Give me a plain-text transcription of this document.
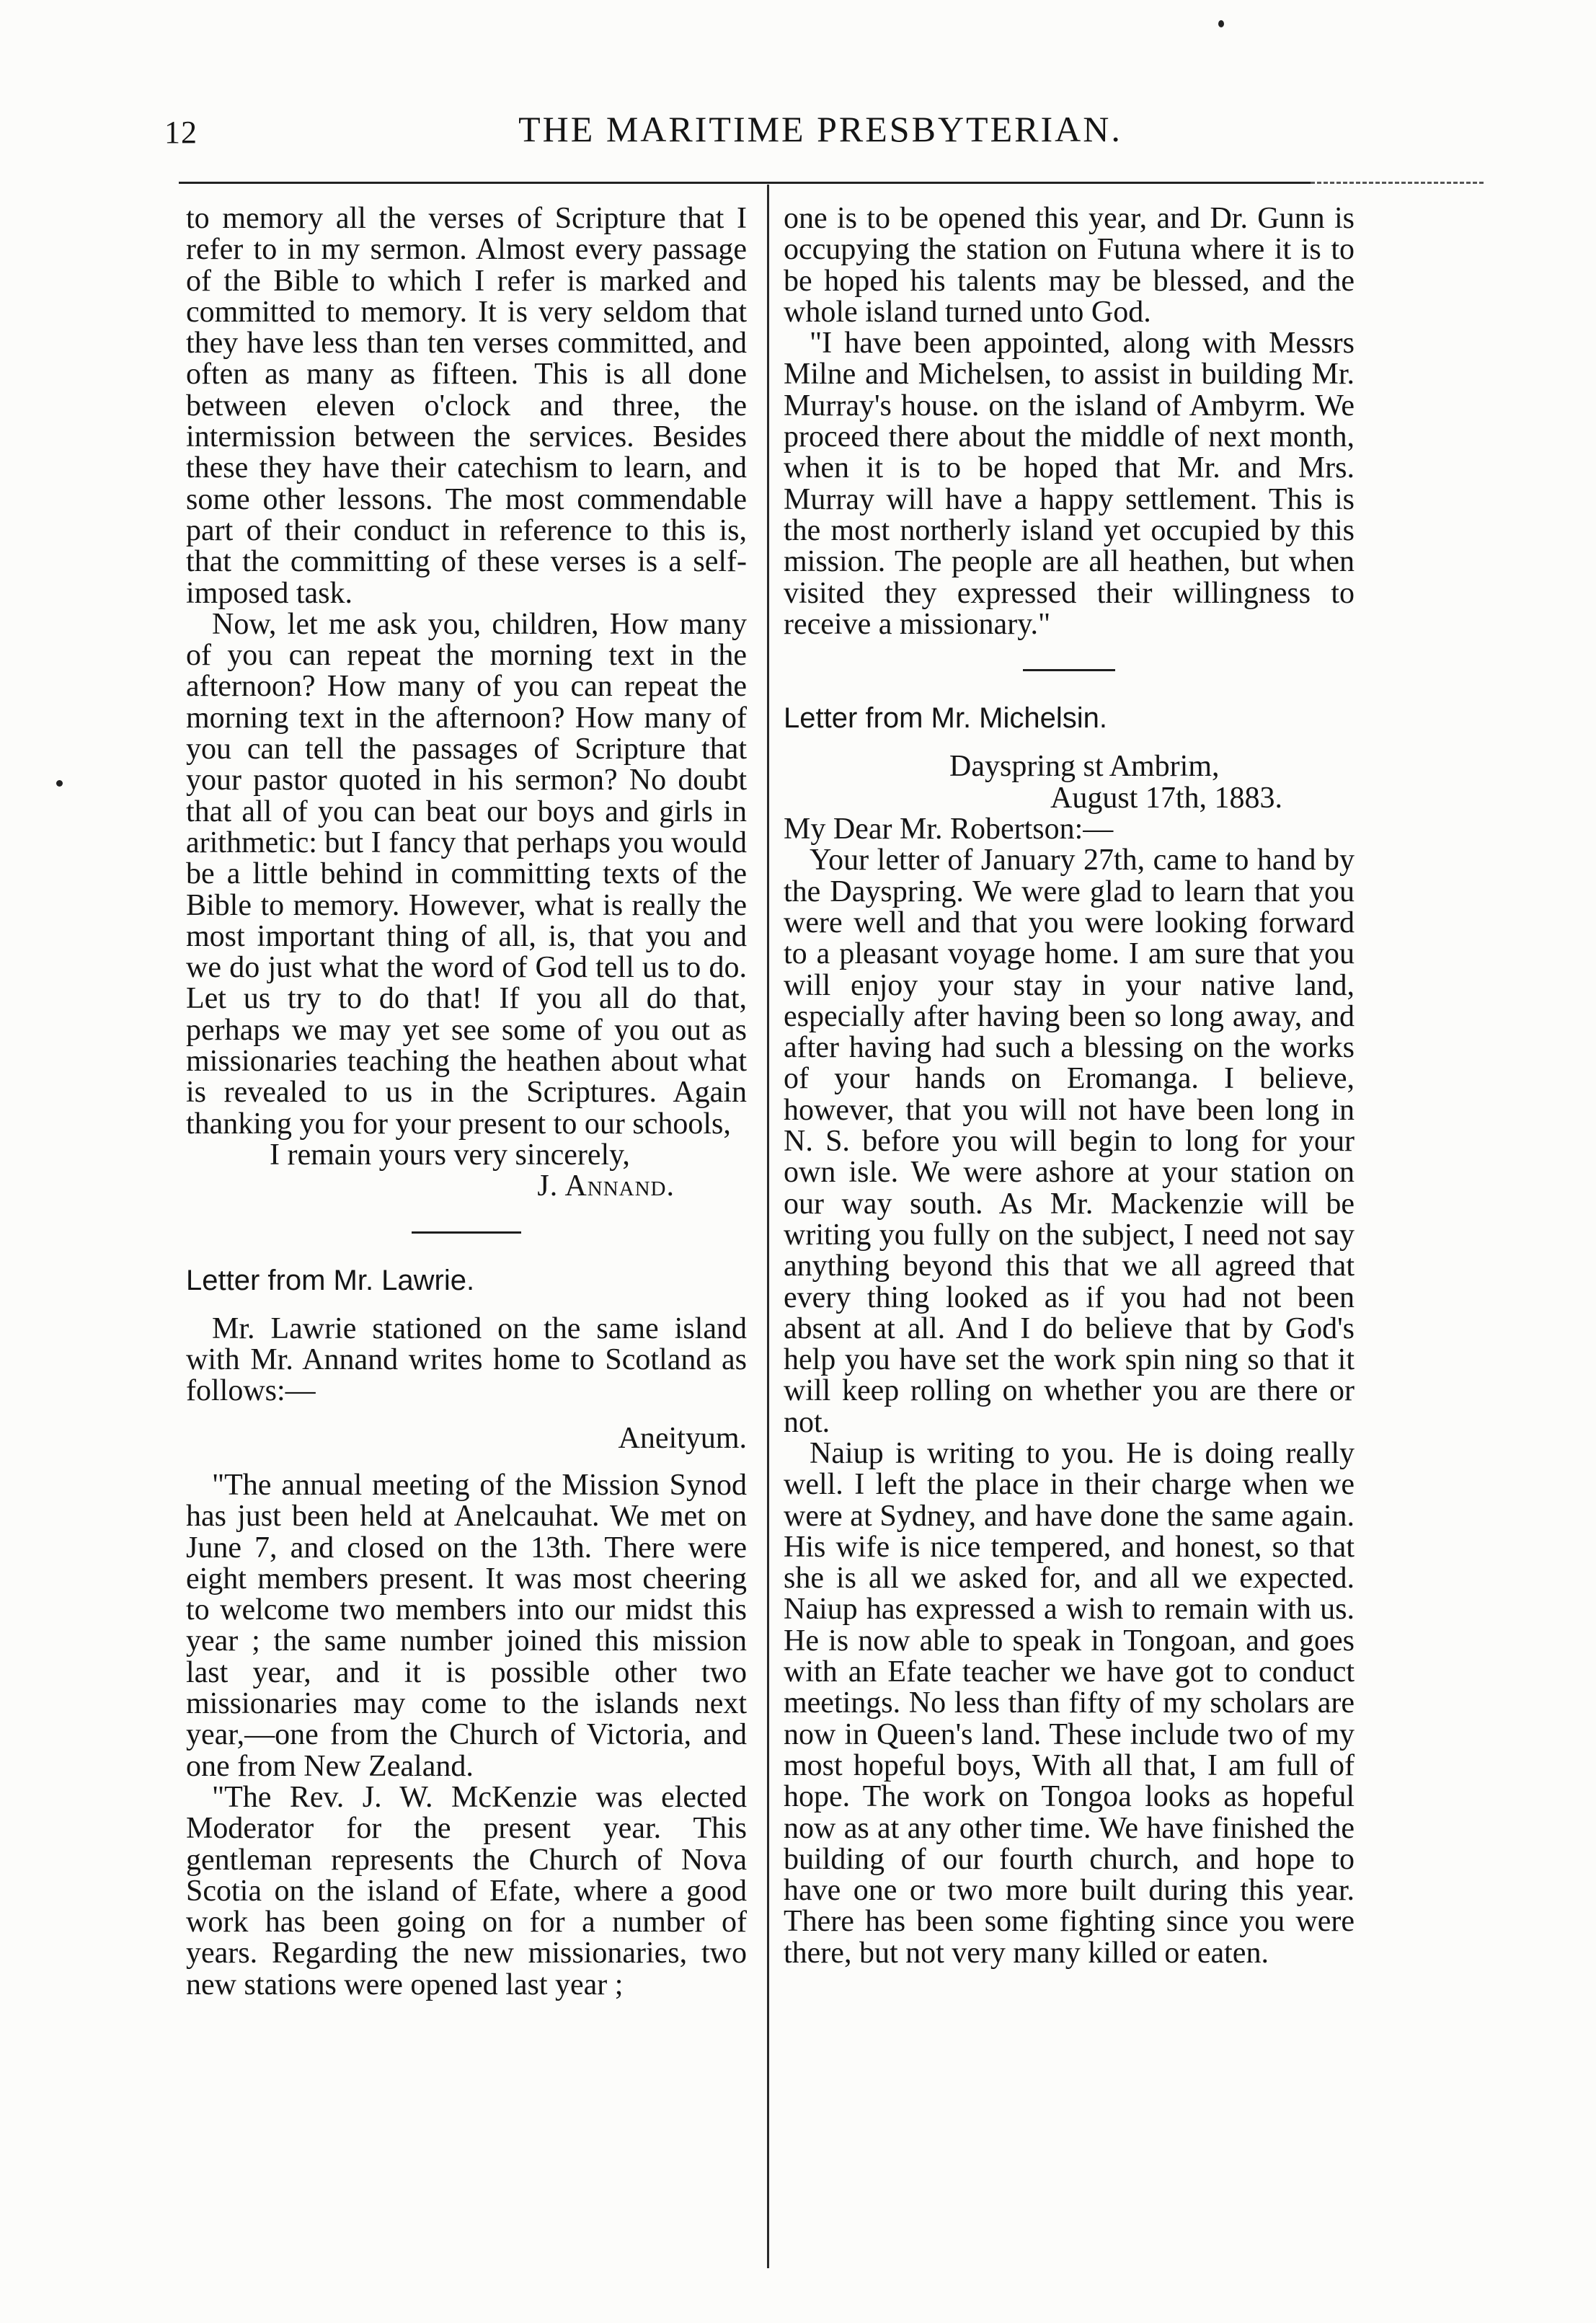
12	THE MARITIME PRESBYTERIAN.

to memory all the verses of Scripture that I refer to in my sermon. Almost every passage of the Bible to which I refer is marked and committed to memory. It is very seldom that they have less than ten verses committed, and often as many as fifteen. This is all done between eleven o'clock and three, the intermission between the services. Besides these they have their catechism to learn, and some other lessons. The most commendable part of their conduct in reference to this is, that the committing of these verses is a self-imposed task.

Now, let me ask you, children, How many of you can repeat the morning text in the afternoon? How many of you can repeat the morning text in the afternoon? How many of you can tell the passages of Scripture that your pastor quoted in his sermon? No doubt that all of you can beat our boys and girls in arithmetic: but I fancy that perhaps you would be a little behind in committing texts of the Bible to memory. However, what is really the most important thing of all, is, that you and we do just what the word of God tell us to do. Let us try to do that! If you all do that, perhaps we may yet see some of you out as missionaries teaching the heathen about what is revealed to us in the Scriptures. Again thanking you for your present to our schools,

I remain yours very sincerely,

J. Annand.

Letter from Mr. Lawrie.

Mr. Lawrie stationed on the same island with Mr. Annand writes home to Scotland as follows:—

Aneityum.

"The annual meeting of the Mission Synod has just been held at Anelcauhat. We met on June 7, and closed on the 13th. There were eight members present. It was most cheering to welcome two members into our midst this year ; the same number joined this mission last year, and it is possible other two missionaries may come to the islands next year,—one from the Church of Victoria, and one from New Zealand.

"The Rev. J. W. McKenzie was elected Moderator for the present year. This gentleman represents the Church of Nova Scotia on the island of Efate, where a good work has been going on for a number of years. Regarding the new missionaries, two new stations were opened last year ;

one is to be opened this year, and Dr. Gunn is occupying the station on Futuna where it is to be hoped his talents may be blessed, and the whole island turned unto God.

"I have been appointed, along with Messrs Milne and Michelsen, to assist in building Mr. Murray's house. on the island of Ambyrm. We proceed there about the middle of next month, when it is to be hoped that Mr. and Mrs. Murray will have a happy settlement. This is the most northerly island yet occupied by this mission. The people are all heathen, but when visited they expressed their willingness to receive a missionary."

Letter from Mr. Michelsin.

Dayspring st Ambrim,

August 17th, 1883.

My Dear Mr. Robertson:—

Your letter of January 27th, came to hand by the Dayspring. We were glad to learn that you were well and that you were looking forward to a pleasant voyage home. I am sure that you will enjoy your stay in your native land, especially after having been so long away, and after having had such a blessing on the works of your hands on Eromanga. I believe, however, that you will not have been long in N. S. before you will begin to long for your own isle. We were ashore at your station on our way south. As Mr. Mackenzie will be writing you fully on the subject, I need not say anything beyond this that we all agreed that every thing looked as if you had not been absent at all. And I do believe that by God's help you have set the work spin ning so that it will keep rolling on whether you are there or not.

Naiup is writing to you. He is doing really well. I left the place in their charge when we were at Sydney, and have done the same again. His wife is nice tempered, and honest, so that she is all we asked for, and all we expected. Naiup has expressed a wish to remain with us. He is now able to speak in Tongoan, and goes with an Efate teacher we have got to conduct meetings. No less than fifty of my scholars are now in Queen's land. These include two of my most hopeful boys, With all that, I am full of hope. The work on Tongoa looks as hopeful now as at any other time. We have finished the building of our fourth church, and hope to have one or two more built during this year. There has been some fighting since you were there, but not very many killed or eaten.
